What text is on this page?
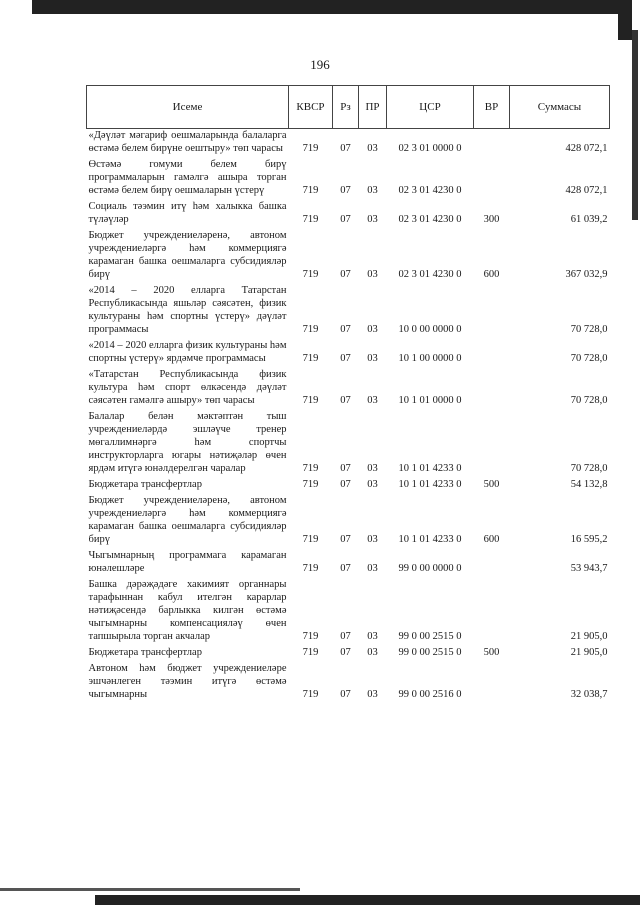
196
Исеме	КВСР	Рз	ПР	ЦСР	ВР	Суммасы
«Дәүләт мәгариф оешмаларында балаларга өстәмә белем бирүне оештыру» төп чарасы	719	07	03	02 3 01 0000 0		428 072,1
Өстәмә гомуми белем бирү программаларын гамәлгә ашыра торган өстәмә белем бирү оешмаларын үстерү	719	07	03	02 3 01 4230 0		428 072,1
Социаль тәэмин итү һәм халыкка башка түләүләр	719	07	03	02 3 01 4230 0	300	61 039,2
Бюджет учреждениеләренә, автоном учреждениеләргә һәм коммерциягә карамаган башка оешмаларга субсидияләр бирү	719	07	03	02 3 01 4230 0	600	367 032,9
«2014 – 2020 елларга Татарстан Республикасында яшьләр сәясәтен, физик культураны һәм спортны үстерү» дәүләт программасы	719	07	03	10 0 00 0000 0		70 728,0
«2014 – 2020 елларга физик культураны һәм спортны үстерү» ярдәмче программасы	719	07	03	10 1 00 0000 0		70 728,0
«Татарстан Республикасында физик культура һәм спорт өлкәсендә дәүләт сәясәтен гамәлгә ашыру» төп чарасы	719	07	03	10 1 01 0000 0		70 728,0
Балалар белән мәктәптән тыш учреждениеләрдә эшләүче тренер мөгаллимнәргә һәм спортчы инструкторларга югары нәтиҗәләр өчен ярдәм итүгә юнәлдерелгән чаралар	719	07	03	10 1 01 4233 0		70 728,0
Бюджетара трансфертлар	719	07	03	10 1 01 4233 0	500	54 132,8
Бюджет учреждениеләренә, автоном учреждениеләргә һәм коммерциягә карамаган башка оешмаларга субсидияләр бирү	719	07	03	10 1 01 4233 0	600	16 595,2
Чыгымнарның программага карамаган юнәлешләре	719	07	03	99 0 00 0000 0		53 943,7
Башка дәрәҗәдәге хакимият органнары тарафыннан кабул ителгән карарлар нәтиҗәсендә барлыкка килгән өстәмә чыгымнарны компенсацияләү өчен тапшырыла торган акчалар	719	07	03	99 0 00 2515 0		21 905,0
Бюджетара трансфертлар	719	07	03	99 0 00 2515 0	500	21 905,0
Автоном һәм бюджет учреждениеләре эшчәнлеген тәэмин итүгә өстәмә чыгымнарны	719	07	03	99 0 00 2516 0		32 038,7
